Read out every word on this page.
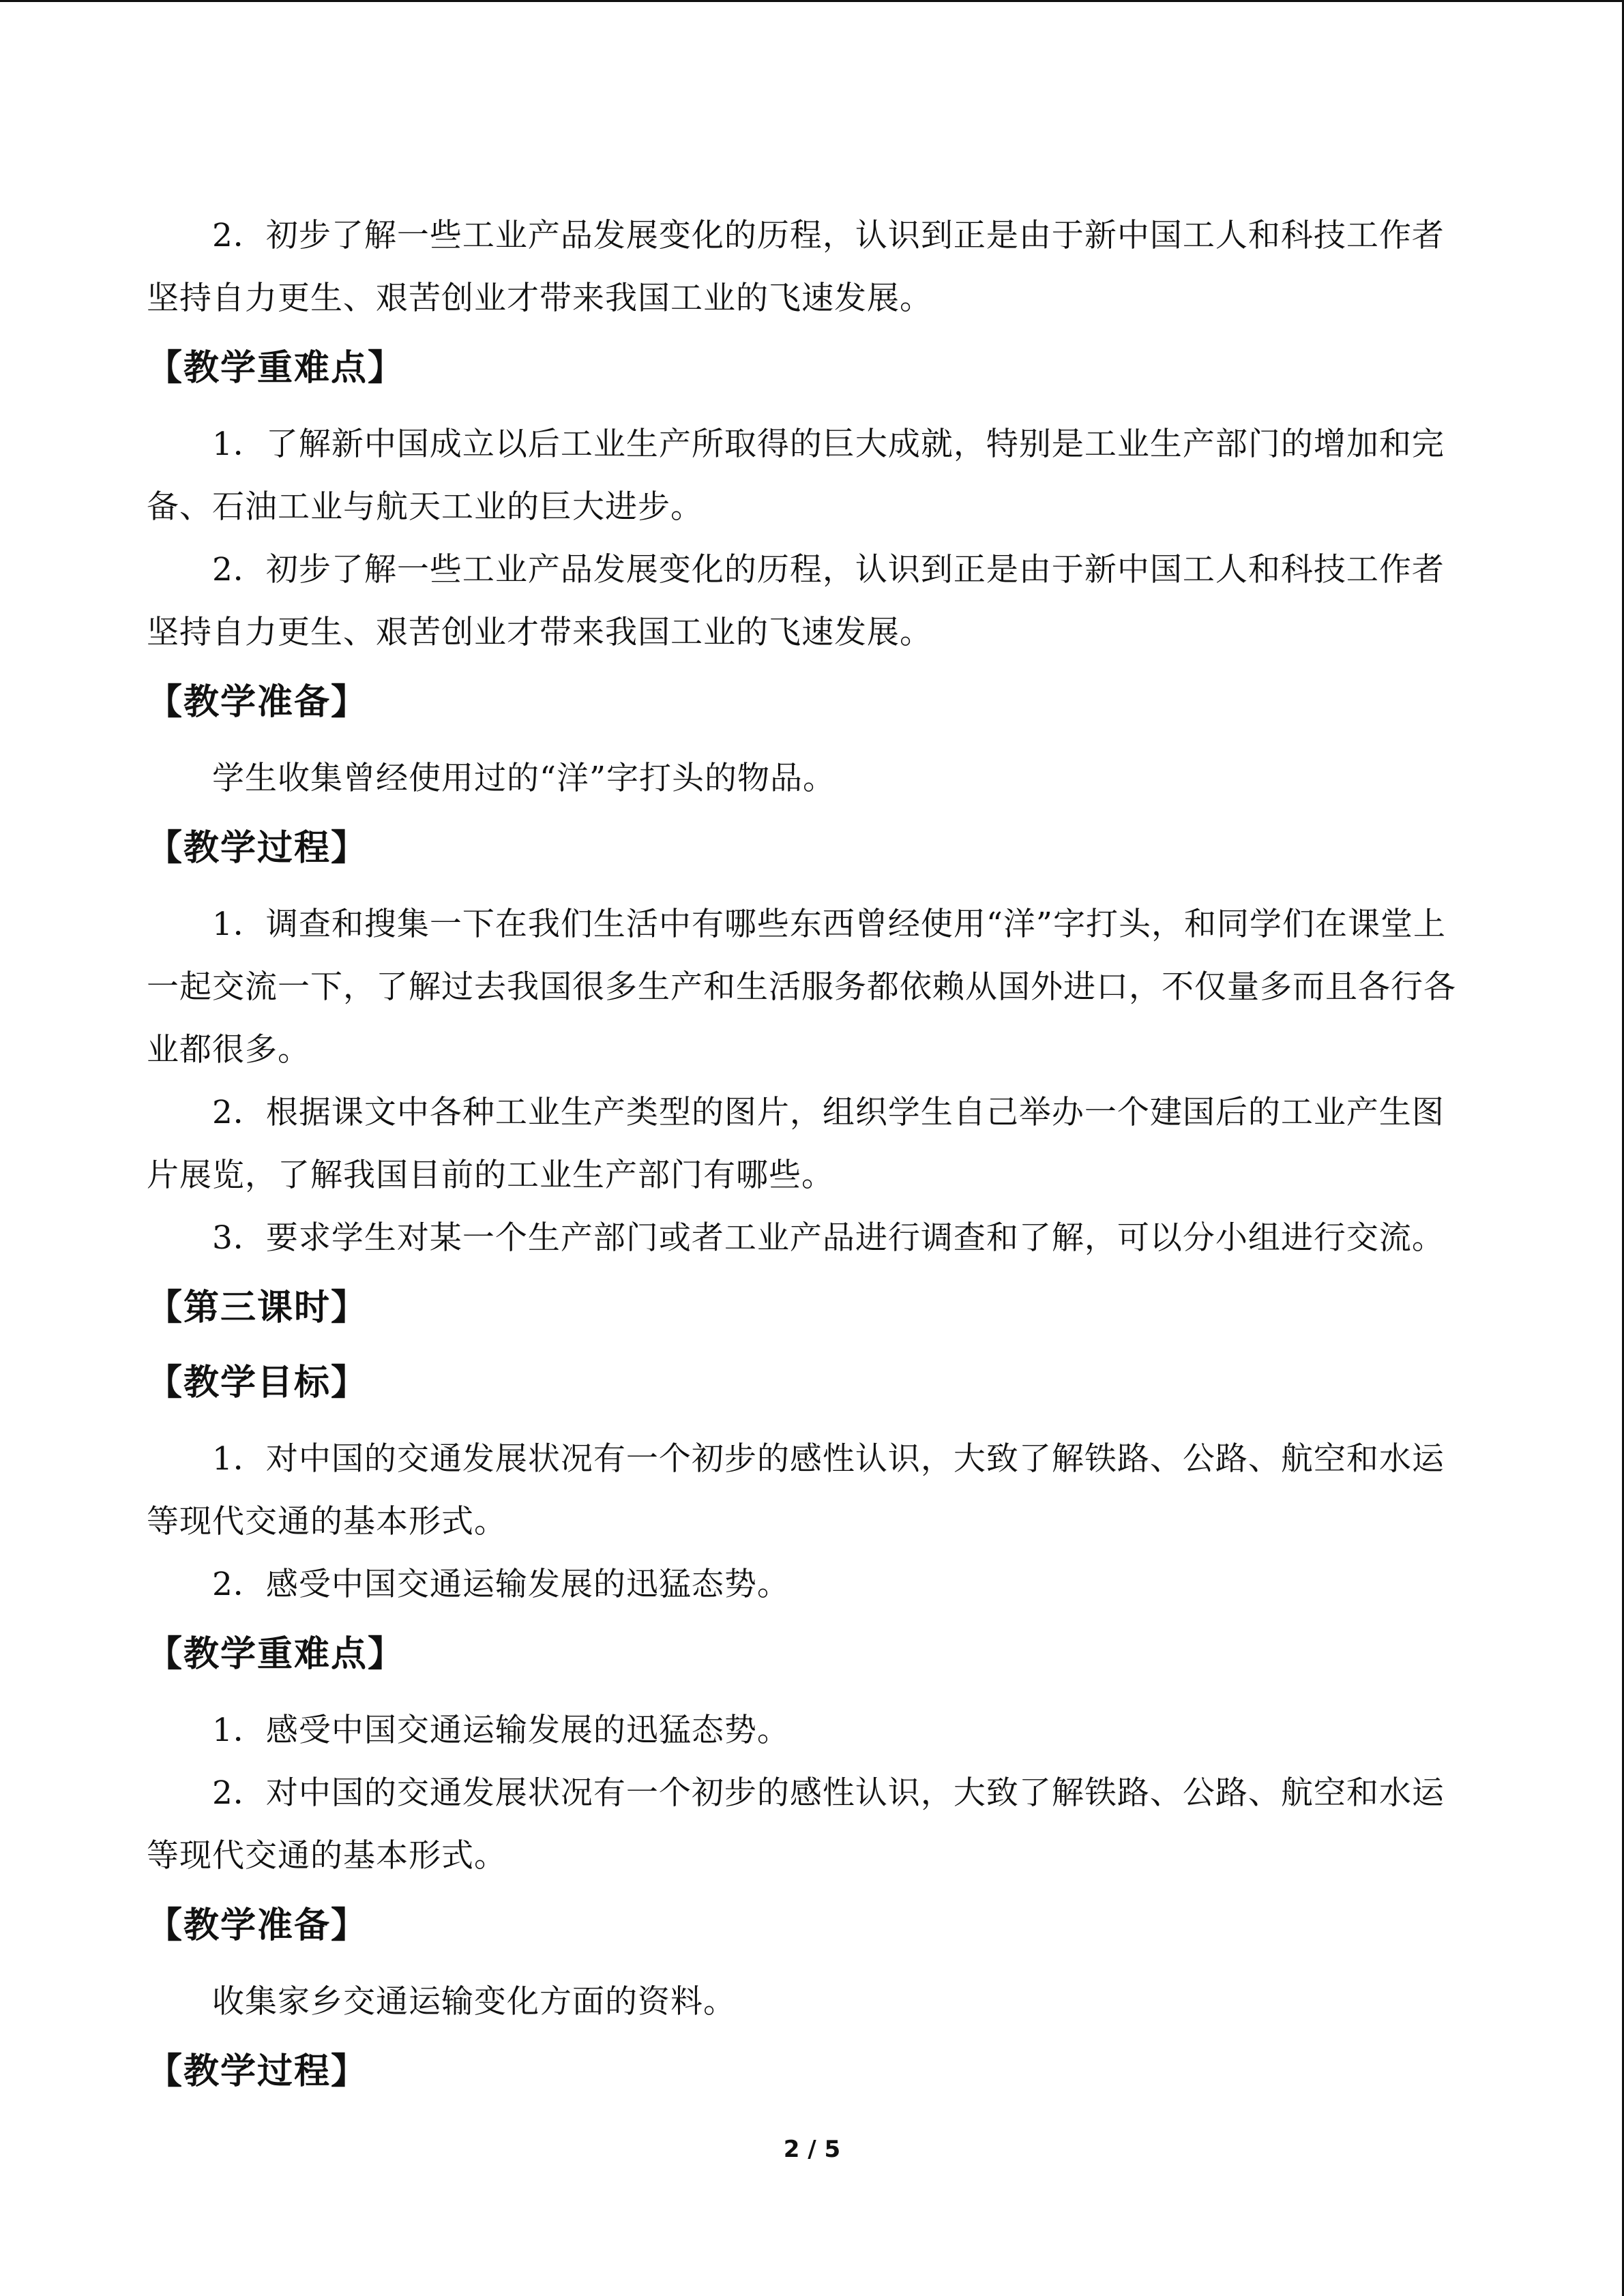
2．初步了解一些工业产品发展变化的历程，认识到正是由于新中国工人和科技工作者坚持自力更生、艰苦创业才带来我国工业的飞速发展。

【教学重难点】

1．了解新中国成立以后工业生产所取得的巨大成就，特别是工业生产部门的增加和完备、石油工业与航天工业的巨大进步。

2．初步了解一些工业产品发展变化的历程，认识到正是由于新中国工人和科技工作者坚持自力更生、艰苦创业才带来我国工业的飞速发展。

【教学准备】

学生收集曾经使用过的“洋”字打头的物品。

【教学过程】

1．调查和搜集一下在我们生活中有哪些东西曾经使用“洋”字打头，和同学们在课堂上一起交流一下，了解过去我国很多生产和生活服务都依赖从国外进口，不仅量多而且各行各业都很多。

2．根据课文中各种工业生产类型的图片，组织学生自己举办一个建国后的工业产生图片展览，了解我国目前的工业生产部门有哪些。

3．要求学生对某一个生产部门或者工业产品进行调查和了解，可以分小组进行交流。

【第三课时】
【教学目标】

1．对中国的交通发展状况有一个初步的感性认识，大致了解铁路、公路、航空和水运等现代交通的基本形式。

2．感受中国交通运输发展的迅猛态势。

【教学重难点】

1．感受中国交通运输发展的迅猛态势。

2．对中国的交通发展状况有一个初步的感性认识，大致了解铁路、公路、航空和水运等现代交通的基本形式。

【教学准备】

收集家乡交通运输变化方面的资料。

【教学过程】
2 / 5
